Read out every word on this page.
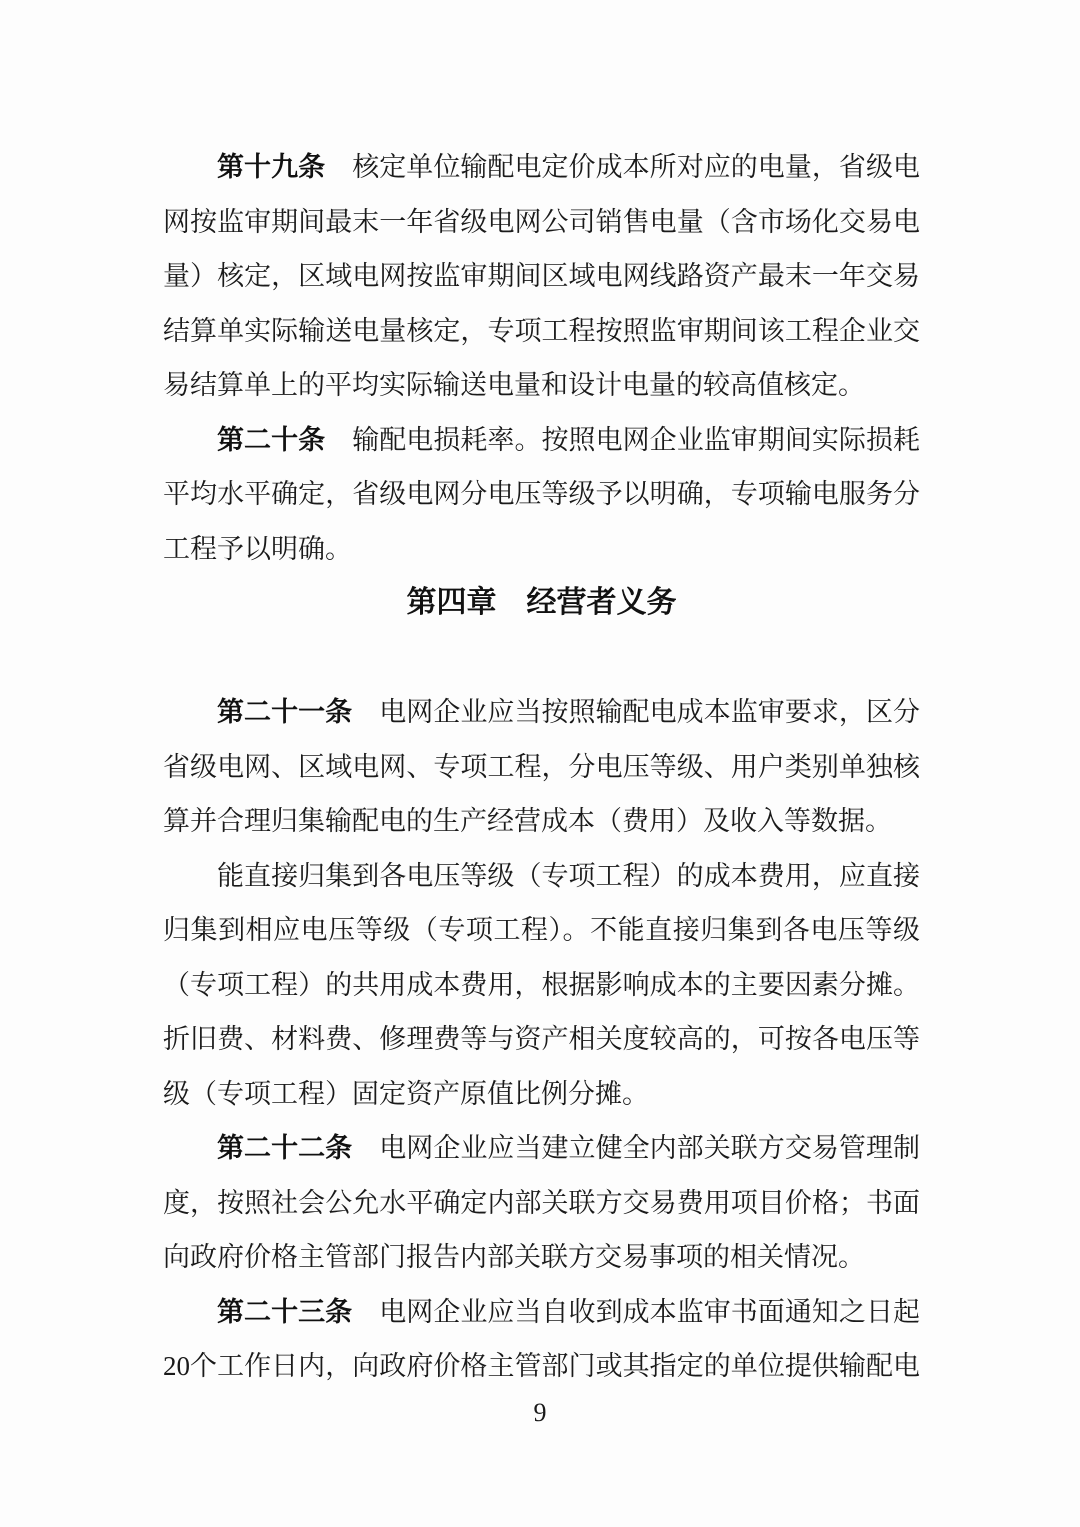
第十九条　核定单位输配电定价成本所对应的电量，省级电
网按监审期间最末一年省级电网公司销售电量（含市场化交易电
量）核定，区域电网按监审期间区域电网线路资产最末一年交易
结算单实际输送电量核定，专项工程按照监审期间该工程企业交
易结算单上的平均实际输送电量和设计电量的较高值核定。
第二十条　输配电损耗率。按照电网企业监审期间实际损耗
平均水平确定，省级电网分电压等级予以明确，专项输电服务分
工程予以明确。
第四章　经营者义务
第二十一条　电网企业应当按照输配电成本监审要求，区分
省级电网、区域电网、专项工程，分电压等级、用户类别单独核
算并合理归集输配电的生产经营成本（费用）及收入等数据。
能直接归集到各电压等级（专项工程）的成本费用，应直接
归集到相应电压等级（专项工程）。不能直接归集到各电压等级
（专项工程）的共用成本费用，根据影响成本的主要因素分摊。
折旧费、材料费、修理费等与资产相关度较高的，可按各电压等
级（专项工程）固定资产原值比例分摊。
第二十二条　电网企业应当建立健全内部关联方交易管理制
度，按照社会公允水平确定内部关联方交易费用项目价格；书面
向政府价格主管部门报告内部关联方交易事项的相关情况。
第二十三条　电网企业应当自收到成本监审书面通知之日起
20个工作日内，向政府价格主管部门或其指定的单位提供输配电
9
